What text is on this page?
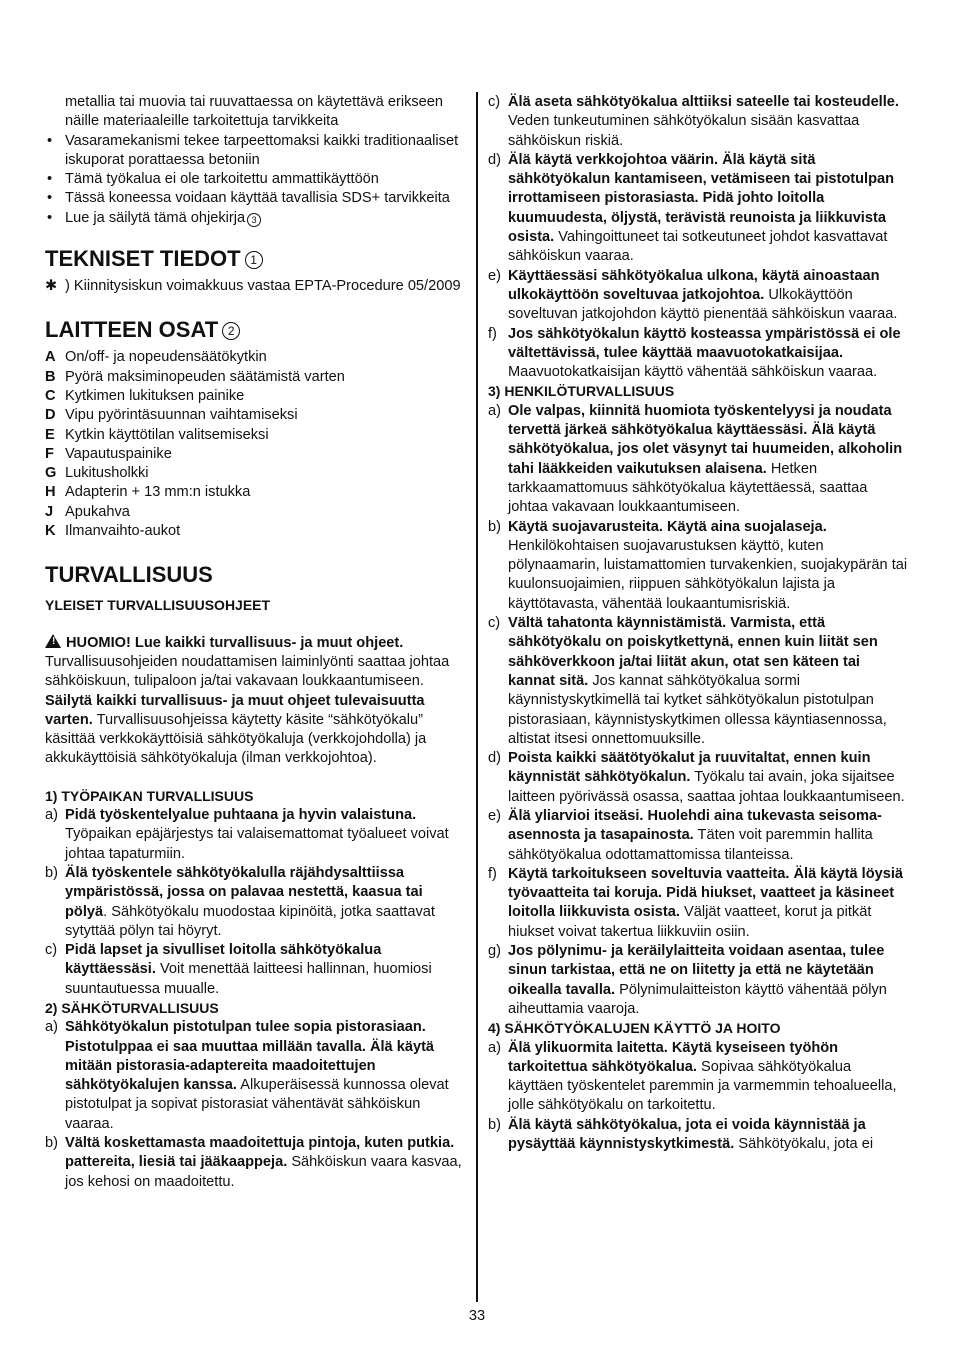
metallia tai muovia tai ruuvattaessa on käytettävä erikseen näille materiaaleille tarkoitettuja tarvikkeita

• Vasaramekanismi tekee tarpeettomaksi kaikki traditionaaliset iskuporat porattaessa betoniin
• Tämä työkalua ei ole tarkoitettu ammattikäyttöön
• Tässä koneessa voidaan käyttää tavallisia SDS+ tarvikkeita
• Lue ja säilytä tämä ohjekirja 3
TEKNISET TIEDOT 1

✱ ) Kiinnitysiskun voimakkuus vastaa EPTA-Procedure 05/2009

LAITTEEN OSAT 2
A On/off- ja nopeudensäätökytkin
B Pyörä maksiminopeuden säätämistä varten
C Kytkimen lukituksen painike
D Vipu pyörintäsuunnan vaihtamiseksi
E Kytkin käyttötilan valitsemiseksi
F Vapautuspainike
G Lukitusholkki
H Adapterin + 13 mm:n istukka
J Apukahva
K Ilmanvaihto-aukot
TURVALLISUUS

YLEISET TURVALLISUUSOHJEET

! HUOMIO! Lue kaikki turvallisuus- ja muut ohjeet. Turvallisuusohjeiden noudattamisen laiminlyönti saattaa johtaa sähköiskuun, tulipaloon ja/tai vakavaan loukkaantumiseen. Säilytä kaikki turvallisuus- ja muut ohjeet tulevaisuutta varten. Turvallisuusohjeissa käytetty käsite “sähkötyökalu” käsittää verkkokäyttöisiä sähkötyökaluja (verkkojohdolla) ja akkukäyttöisiä sähkötyökaluja (ilman verkkojohtoa).

1) TYÖPAIKAN TURVALLISUUS

a) Pidä työskentelyalue puhtaana ja hyvin valaistuna. Työpaikan epäjärjestys tai valaisemattomat työalueet voivat johtaa tapaturmiin.
b) Älä työskentele sähkötyökalulla räjähdysalttiissa ympäristössä, jossa on palavaa nestettä, kaasua tai pölyä. Sähkötyökalu muodostaa kipinöitä, jotka saattavat sytyttää pölyn tai höyryt.
c) Pidä lapset ja sivulliset loitolla sähkötyökalua käyttäessäsi. Voit menettää laitteesi hallinnan, huomiosi suuntautuessa muualle.

2) SÄHKÖTURVALLISUUS

a) Sähkötyökalun pistotulpan tulee sopia pistorasiaan. Pistotulppaa ei saa muuttaa millään tavalla. Älä käytä mitään pistorasia-adaptereita maadoitettujen sähkötyökalujen kanssa. Alkuperäisessä kunnossa olevat pistotulpat ja sopivat pistorasiat vähentävät sähköiskun vaaraa.
b) Vältä koskettamasta maadoitettuja pintoja, kuten putkia. pattereita, liesiä tai jääkaappeja. Sähköiskun vaara kasvaa, jos kehosi on maadoitettu.
c) Älä aseta sähkötyökalua alttiiksi sateelle tai kosteudelle. Veden tunkeutuminen sähkötyökalun sisään kasvattaa sähköiskun riskiä.
d) Älä käytä verkkojohtoa väärin. Älä käytä sitä sähkötyökalun kantamiseen, vetämiseen tai pistotulpan irrottamiseen pistorasiasta. Pidä johto loitolla kuumuudesta, öljystä, terävistä reunoista ja liikkuvista osista. Vahingoittuneet tai sotkeutuneet johdot kasvattavat sähköiskun vaaraa.
e) Käyttäessäsi sähkötyökalua ulkona, käytä ainoastaan ulkokäyttöön soveltuvaa jatkojohtoa. Ulkokäyttöön soveltuvan jatkojohdon käyttö pienentää sähköiskun vaaraa.
f) Jos sähkötyökalun käyttö kosteassa ympäristössä ei ole vältettävissä, tulee käyttää maavuotokatkaisijaa. Maavuotokatkaisijan käyttö vähentää sähköiskun vaaraa.

3) HENKILÖTURVALLISUUS

a) Ole valpas, kiinnitä huomiota työskentelyysi ja noudata tervettä järkeä sähkötyökalua käyttäessäsi. Älä käytä sähkötyökalua, jos olet väsynyt tai huumeiden, alkoholin tahi lääkkeiden vaikutuksen alaisena. Hetken tarkkaamattomuus sähkötyökalua käytettäessä, saattaa johtaa vakavaan loukkaantumiseen.
b) Käytä suojavarusteita. Käytä aina suojalaseja. Henkilökohtaisen suojavarustuksen käyttö, kuten pölynaamarin, luistamattomien turvakenkien, suojakypärän tai kuulonsuojaimien, riippuen sähkötyökalun lajista ja käyttötavasta, vähentää loukaantumisriskiä.
c) Vältä tahatonta käynnistämistä. Varmista, että sähkötyökalu on poiskytkettynä, ennen kuin liität sen sähköverkkoon ja/tai liität akun, otat sen käteen tai kannat sitä. Jos kannat sähkötyökalua sormi käynnistyskytkimellä tai kytket sähkötyökalun pistotulpan pistorasiaan, käynnistyskytkimen ollessa käyntiasennossa, altistat itsesi onnettomuuksille.
d) Poista kaikki säätötyökalut ja ruuvitaltat, ennen kuin käynnistät sähkötyökalun. Työkalu tai avain, joka sijaitsee laitteen pyörivässä osassa, saattaa johtaa loukkaantumiseen.
e) Älä yliarvioi itseäsi. Huolehdi aina tukevasta seisoma-asennosta ja tasapainosta. Täten voit paremmin hallita sähkötyökalua odottamattomissa tilanteissa.
f) Käytä tarkoitukseen soveltuvia vaatteita. Älä käytä löysiä työvaatteita tai koruja. Pidä hiukset, vaatteet ja käsineet loitolla liikkuvista osista. Väljät vaatteet, korut ja pitkät hiukset voivat takertua liikkuviin osiin.
g) Jos pölynimu- ja keräilylaitteita voidaan asentaa, tulee sinun tarkistaa, että ne on liitetty ja että ne käytetään oikealla tavalla. Pölynimulaitteiston käyttö vähentää pölyn aiheuttamia vaaroja.

4) SÄHKÖTYÖKALUJEN KÄYTTÖ JA HOITO

a) Älä ylikuormita laitetta. Käytä kyseiseen työhön tarkoitettua sähkötyökalua. Sopivaa sähkötyökalua käyttäen työskentelet paremmin ja varmemmin tehoalueella, jolle sähkötyökalu on tarkoitettu.
b) Älä käytä sähkötyökalua, jota ei voida käynnistää ja pysäyttää käynnistyskytkimestä. Sähkötyökalu, jota ei
33
